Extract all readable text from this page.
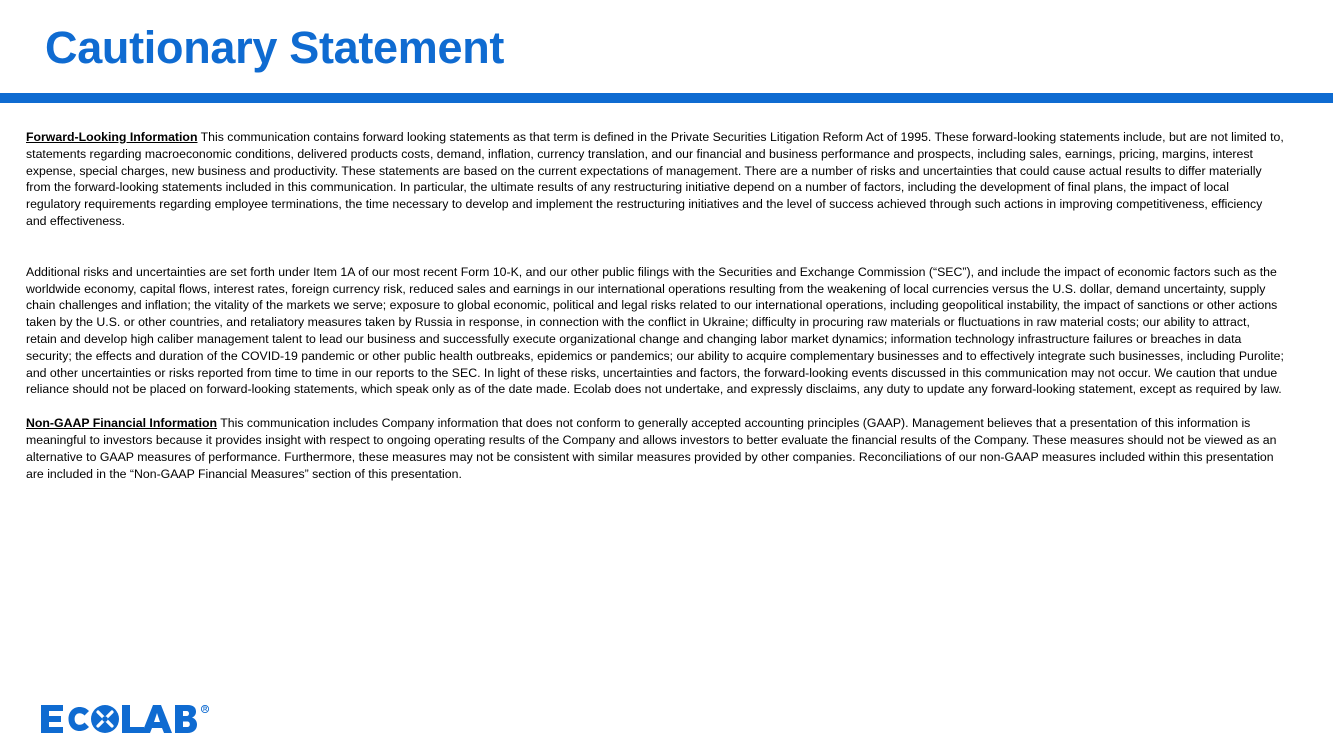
Cautionary Statement

Forward-Looking Information This communication contains forward looking statements as that term is defined in the Private Securities Litigation Reform Act of 1995. These forward-looking statements include, but are not limited to, statements regarding macroeconomic conditions, delivered products costs, demand, inflation, currency translation, and our financial and business performance and prospects, including sales, earnings, pricing, margins, interest expense, special charges, new business and productivity. These statements are based on the current expectations of management. There are a number of risks and uncertainties that could cause actual results to differ materially from the forward-looking statements included in this communication. In particular, the ultimate results of any restructuring initiative depend on a number of factors, including the development of final plans, the impact of local regulatory requirements regarding employee terminations, the time necessary to develop and implement the restructuring initiatives and the level of success achieved through such actions in improving competitiveness, efficiency and effectiveness.

Additional risks and uncertainties are set forth under Item 1A of our most recent Form 10-K, and our other public filings with the Securities and Exchange Commission (“SEC”), and include the impact of economic factors such as the worldwide economy, capital flows, interest rates, foreign currency risk, reduced sales and earnings in our international operations resulting from the weakening of local currencies versus the U.S. dollar, demand uncertainty, supply chain challenges and inflation; the vitality of the markets we serve; exposure to global economic, political and legal risks related to our international operations, including geopolitical instability, the impact of sanctions or other actions taken by the U.S. or other countries, and retaliatory measures taken by Russia in response, in connection with the conflict in Ukraine; difficulty in procuring raw materials or fluctuations in raw material costs; our ability to attract, retain and develop high caliber management talent to lead our business and successfully execute organizational change and changing labor market dynamics; information technology infrastructure failures or breaches in data security; the effects and duration of the COVID-19 pandemic or other public health outbreaks, epidemics or pandemics; our ability to acquire complementary businesses and to effectively integrate such businesses, including Purolite; and other uncertainties or risks reported from time to time in our reports to the SEC. In light of these risks, uncertainties and factors, the forward-looking events discussed in this communication may not occur. We caution that undue reliance should not be placed on forward-looking statements, which speak only as of the date made. Ecolab does not undertake, and expressly disclaims, any duty to update any forward-looking statement, except as required by law.

Non-GAAP Financial Information This communication includes Company information that does not conform to generally accepted accounting principles (GAAP). Management believes that a presentation of this information is meaningful to investors because it provides insight with respect to ongoing operating results of the Company and allows investors to better evaluate the financial results of the Company. These measures should not be viewed as an alternative to GAAP measures of performance. Furthermore, these measures may not be consistent with similar measures provided by other companies. Reconciliations of our non-GAAP measures included within this presentation are included in the “Non-GAAP Financial Measures” section of this presentation.
